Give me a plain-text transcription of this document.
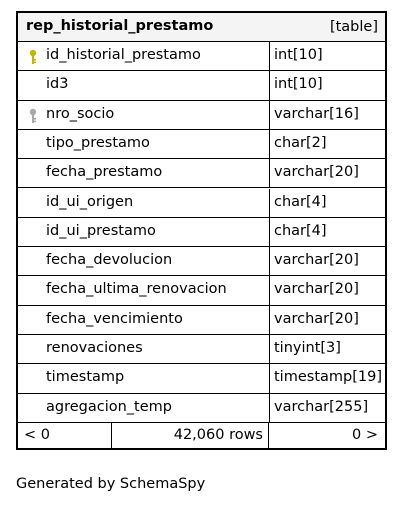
rep_historial_prestamo	[table]
id_historial_prestamo	int[10]
id3	int[10]
nro_socio	varchar[16]
tipo_prestamo	char[2]
fecha_prestamo	varchar[20]
id_ui_origen	char[4]
id_ui_prestamo	char[4]
fecha_devolucion	varchar[20]
fecha_ultima_renovacion	varchar[20]
fecha_vencimiento	varchar[20]
renovaciones	tinyint[3]
timestamp	timestamp[19]
agregacion_temp	varchar[255]
< 0	42,060 rows	0 >
Generated by SchemaSpy
